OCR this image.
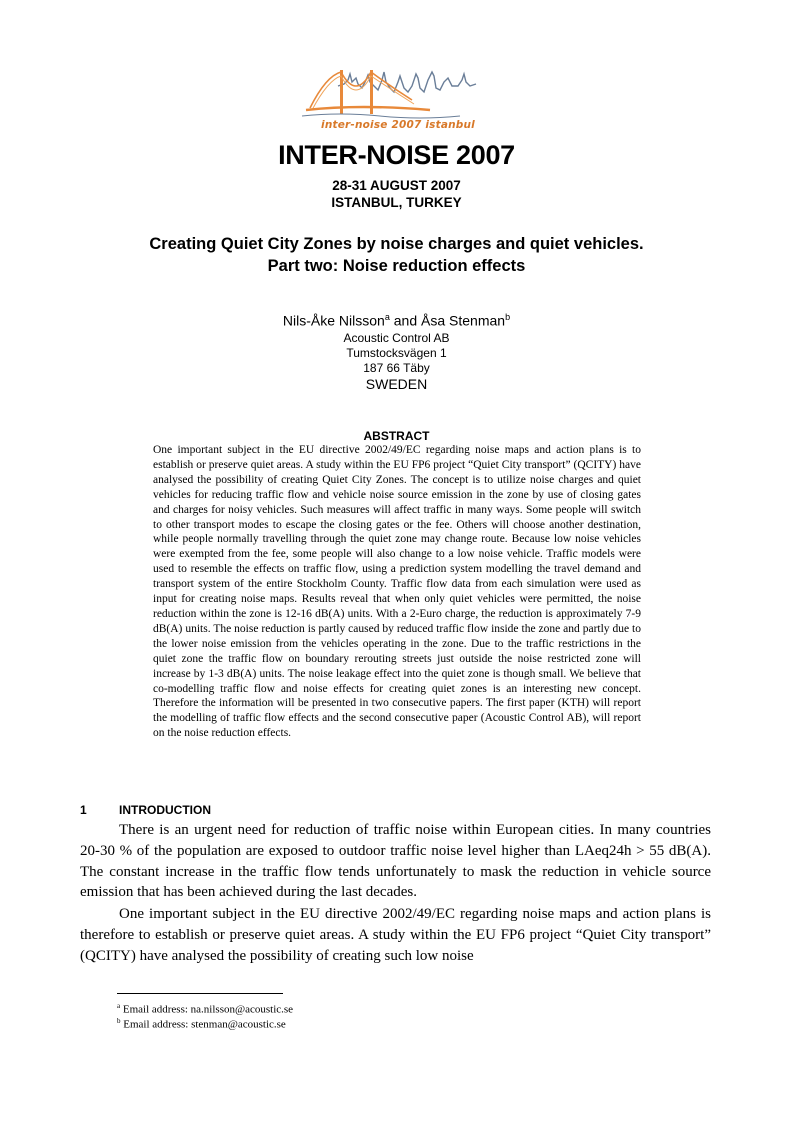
inter-noise 2007 istanbul
INTER-NOISE 2007
28-31 AUGUST 2007
ISTANBUL, TURKEY
Creating Quiet City Zones by noise charges and quiet vehicles.
Part two: Noise reduction effects
Nils-Åke Nilsson$^a$ and Åsa Stenman$^b$
Acoustic Control AB
Tumstocksvägen 1
187 66 Täby
SWEDEN
ABSTRACT
One important subject in the EU directive 2002/49/EC regarding noise maps and action plans is to establish or preserve quiet areas. A study within the EU FP6 project “Quiet City transport” (QCITY) have analysed the possibility of creating Quiet City Zones. The concept is to utilize noise charges and quiet vehicles for reducing traffic flow and vehicle noise source emission in the zone by use of closing gates and charges for noisy vehicles. Such measures will affect traffic in many ways. Some people will switch to other transport modes to escape the closing gates or the fee. Others will choose another destination, while people normally travelling through the quiet zone may change route. Because low noise vehicles were exempted from the fee, some people will also change to a low noise vehicle. Traffic models were used to resemble the effects on traffic flow, using a prediction system modelling the travel demand and transport system of the entire Stockholm County. Traffic flow data from each simulation were used as input for creating noise maps. Results reveal that when only quiet vehicles were permitted, the noise reduction within the zone is 12-16 dB(A) units. With a 2-Euro charge, the reduction is approximately 7-9 dB(A) units. The noise reduction is partly caused by reduced traffic flow inside the zone and partly due to the lower noise emission from the vehicles operating in the zone. Due to the traffic restrictions in the quiet zone the traffic flow on boundary rerouting streets just outside the noise restricted zone will increase by 1-3 dB(A) units. The noise leakage effect into the quiet zone is though small. We believe that co-modelling traffic flow and noise effects for creating quiet zones is an interesting new concept. Therefore the information will be presented in two consecutive papers. The first paper (KTH) will report the modelling of traffic flow effects and the second consecutive paper (Acoustic Control AB), will report on the noise reduction effects.
1	INTRODUCTION

There is an urgent need for reduction of traffic noise within European cities. In many countries 20-30 % of the population are exposed to outdoor traffic noise level higher than LAeq24h > 55 dB(A). The constant increase in the traffic flow tends unfortunately to mask the reduction in vehicle source emission that has been achieved during the last decades.

One important subject in the EU directive 2002/49/EC regarding noise maps and action plans is therefore to establish or preserve quiet areas. A study within the EU FP6 project “Quiet City transport” (QCITY) have analysed the possibility of creating such low noise

$^a$ Email address: na.nilsson@acoustic.se
$^b$ Email address: stenman@acoustic.se
